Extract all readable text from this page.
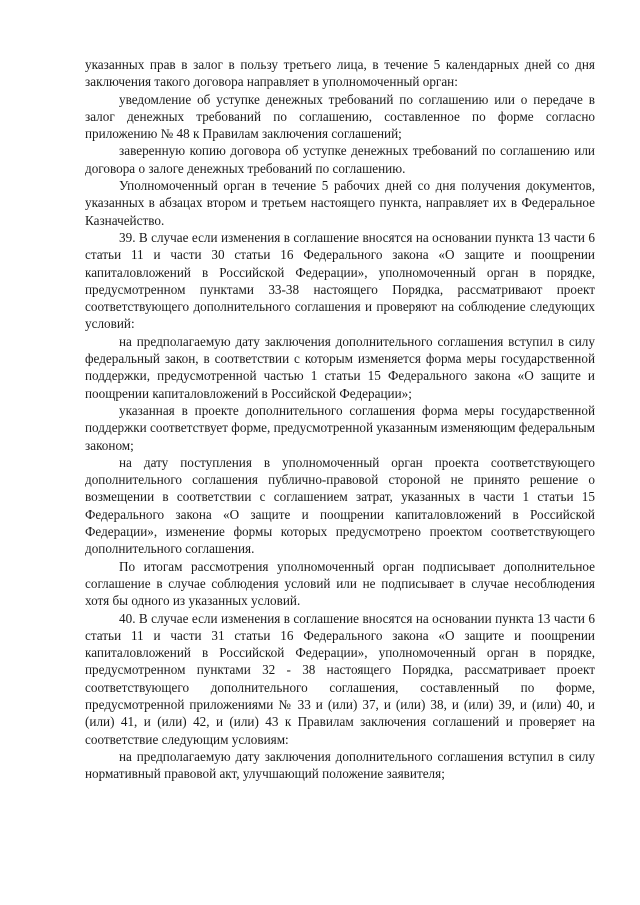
указанных прав в залог в пользу третьего лица, в течение 5 календарных дней со дня заключения такого договора направляет в уполномоченный орган:

уведомление об уступке денежных требований по соглашению или о передаче в залог денежных требований по соглашению, составленное по форме согласно приложению № 48 к Правилам заключения соглашений;

заверенную копию договора об уступке денежных требований по соглашению или договора о залоге денежных требований по соглашению.

Уполномоченный орган в течение 5 рабочих дней со дня получения документов, указанных в абзацах втором и третьем настоящего пункта, направляет их в Федеральное Казначейство.

39. В случае если изменения в соглашение вносятся на основании пункта 13 части 6 статьи 11 и части 30 статьи 16 Федерального закона «О защите и поощрении капиталовложений в Российской Федерации», уполномоченный орган в порядке, предусмотренном пунктами 33-38 настоящего Порядка, рассматривают проект соответствующего дополнительного соглашения и проверяют на соблюдение следующих условий:

на предполагаемую дату заключения дополнительного соглашения вступил в силу федеральный закон, в соответствии с которым изменяется форма меры государственной поддержки, предусмотренной частью 1 статьи 15 Федерального закона «О защите и поощрении капиталовложений в Российской Федерации»;

указанная в проекте дополнительного соглашения форма меры государственной поддержки соответствует форме, предусмотренной указанным изменяющим федеральным законом;

на дату поступления в уполномоченный орган проекта соответствующего дополнительного соглашения публично-правовой стороной не принято решение о возмещении в соответствии с соглашением затрат, указанных в части 1 статьи 15 Федерального закона «О защите и поощрении капиталовложений в Российской Федерации», изменение формы которых предусмотрено проектом соответствующего дополнительного соглашения.

По итогам рассмотрения уполномоченный орган подписывает дополнительное соглашение в случае соблюдения условий или не подписывает в случае несоблюдения хотя бы одного из указанных условий.

40. В случае если изменения в соглашение вносятся на основании пункта 13 части 6 статьи 11 и части 31 статьи 16 Федерального закона «О защите и поощрении капиталовложений в Российской Федерации», уполномоченный орган в порядке, предусмотренном пунктами 32 - 38 настоящего Порядка, рассматривает проект соответствующего дополнительного соглашения, составленный по форме, предусмотренной приложениями № 33 и (или) 37, и (или) 38, и (или) 39, и (или) 40, и (или) 41, и (или) 42, и (или) 43 к Правилам заключения соглашений и проверяет на соответствие следующим условиям:

на предполагаемую дату заключения дополнительного соглашения вступил в силу нормативный правовой акт, улучшающий положение заявителя;
